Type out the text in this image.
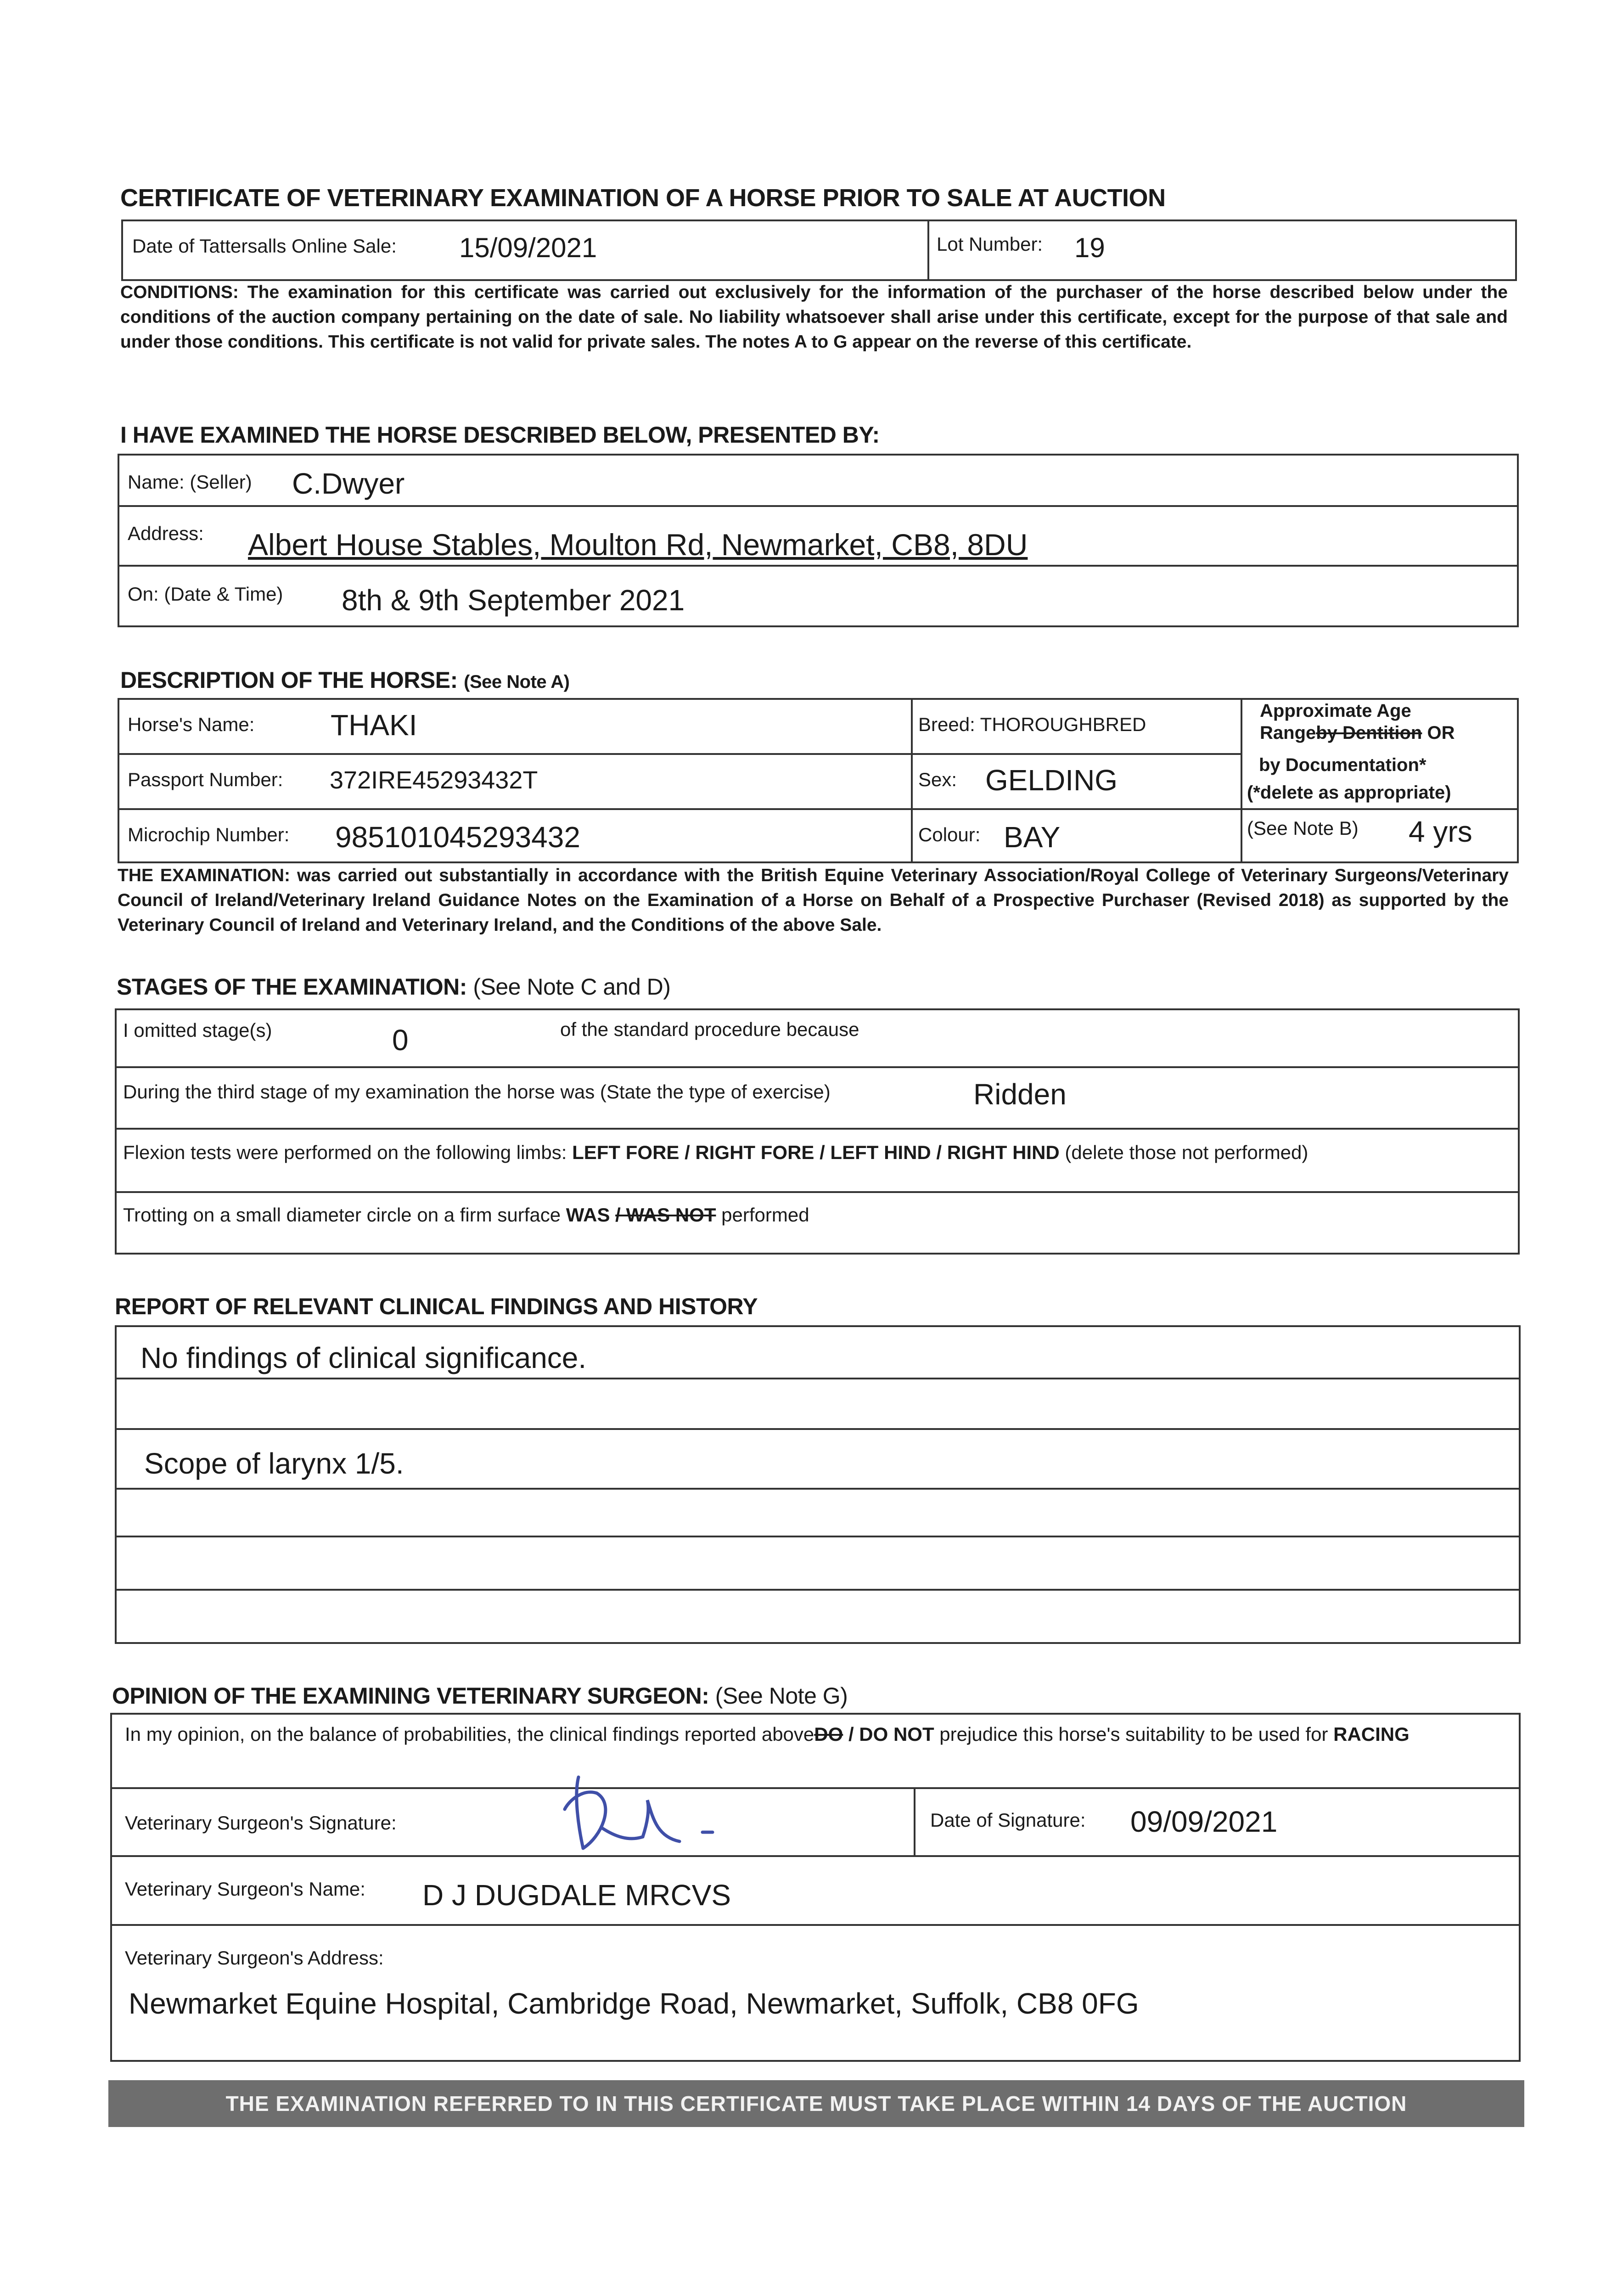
CERTIFICATE OF VETERINARY EXAMINATION OF A HORSE PRIOR TO SALE AT AUCTION
Date of Tattersalls Online Sale: 15/09/2021	Lot Number: 19
CONDITIONS: The examination for this certificate was carried out exclusively for the information of the purchaser of the horse described below under the conditions of the auction company pertaining on the date of sale. No liability whatsoever shall arise under this certificate, except for the purpose of that sale and under those conditions. This certificate is not valid for private sales. The notes A to G appear on the reverse of this certificate.
I HAVE EXAMINED THE HORSE DESCRIBED BELOW, PRESENTED BY:
Name: (Seller) C.Dwyer
Address: Albert House Stables, Moulton Rd, Newmarket, CB8, 8DU
On: (Date & Time) 8th & 9th September 2021
DESCRIPTION OF THE HORSE: (See Note A)
Horse's Name:	THAKI	Breed: THOROUGHBRED
Approximate Age
Rangeby Dentition OR
by Documentation*
(*delete as appropriate)
Passport Number: 372IRE45293432T	Sex: GELDING
Microchip Number: 985101045293432	Colour: BAY	(See Note B) 4 yrs
THE EXAMINATION: was carried out substantially in accordance with the British Equine Veterinary Association/Royal College of Veterinary Surgeons/Veterinary Council of Ireland/Veterinary Ireland Guidance Notes on the Examination of a Horse on Behalf of a Prospective Purchaser (Revised 2018) as supported by the Veterinary Council of Ireland and Veterinary Ireland, and the Conditions of the above Sale.
STAGES OF THE EXAMINATION: (See Note C and D)
I omitted stage(s)	0	of the standard procedure because
During the third stage of my examination the horse was (State the type of exercise)	Ridden
Flexion tests were performed on the following limbs: LEFT FORE / RIGHT FORE / LEFT HIND / RIGHT HIND (delete those not performed)
Trotting on a small diameter circle on a firm surface WAS / WAS NOT performed
REPORT OF RELEVANT CLINICAL FINDINGS AND HISTORY
No findings of clinical significance.
Scope of larynx 1/5.
OPINION OF THE EXAMINING VETERINARY SURGEON: (See Note G)
In my opinion, on the balance of probabilities, the clinical findings reported aboveDO / DO NOT prejudice this horse's suitability to be used for RACING
Veterinary Surgeon's Signature:	Date of Signature: 09/09/2021
Veterinary Surgeon's Name: D J DUGDALE MRCVS
Veterinary Surgeon's Address:
Newmarket Equine Hospital, Cambridge Road, Newmarket, Suffolk, CB8 0FG
THE EXAMINATION REFERRED TO IN THIS CERTIFICATE MUST TAKE PLACE WITHIN 14 DAYS OF THE AUCTION
